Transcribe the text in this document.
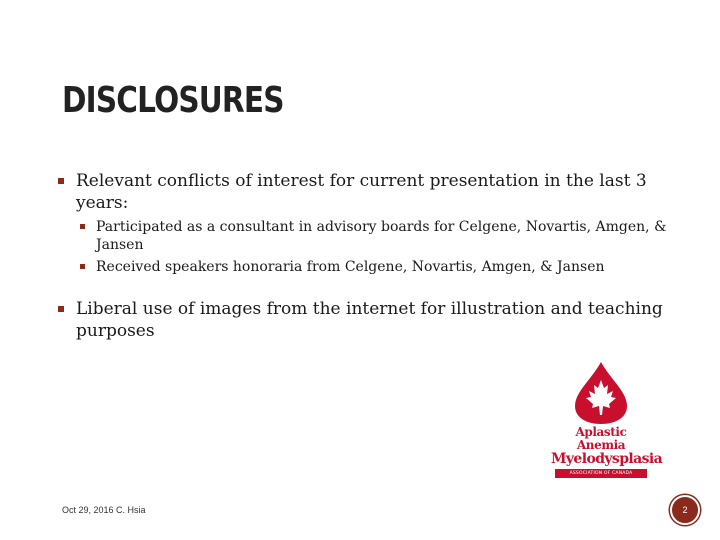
DISCLOSURES
Relevant conflicts of interest for current presentation in the last 3 years:
Participated as a consultant in advisory boards for Celgene, Novartis, Amgen, & Jansen
Received speakers honoraria from Celgene, Novartis, Amgen, & Jansen
Liberal use of images from the internet for illustration and teaching purposes
Aplastic Anemia
Myelodysplasia
ASSOCIATION OF CANADA
Oct 29, 2016 C. Hsia	2
